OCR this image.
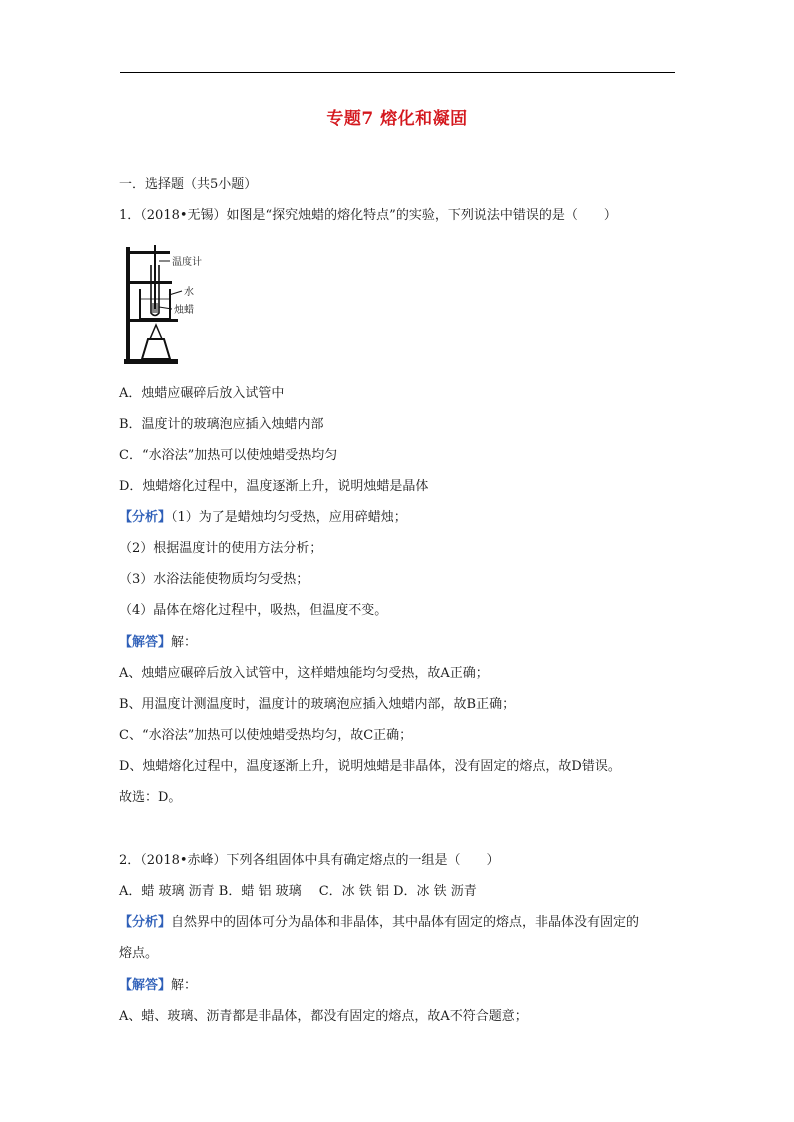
专题7 熔化和凝固
一．选择题（共5小题）
1．（2018•无锡）如图是“探究烛蜡的熔化特点”的实验，下列说法中错误的是（　　）
温度计
水
烛蜡
A．烛蜡应碾碎后放入试管中
B．温度计的玻璃泡应插入烛蜡内部
C．“水浴法”加热可以使烛蜡受热均匀
D．烛蜡熔化过程中，温度逐渐上升，说明烛蜡是晶体
【分析】（1）为了是蜡烛均匀受热，应用碎蜡烛；
（2）根据温度计的使用方法分析；
（3）水浴法能使物质均匀受热；
（4）晶体在熔化过程中，吸热，但温度不变。
【解答】解：
A、烛蜡应碾碎后放入试管中，这样蜡烛能均匀受热，故A正确；
B、用温度计测温度时，温度计的玻璃泡应插入烛蜡内部，故B正确；
C、“水浴法”加热可以使烛蜡受热均匀，故C正确；
D、烛蜡熔化过程中，温度逐渐上升，说明烛蜡是非晶体，没有固定的熔点，故D错误。
故选：D。
2．（2018•赤峰）下列各组固体中具有确定熔点的一组是（　　）
A．蜡 玻璃 沥青 B．蜡 铝 玻璃　 C．冰 铁 铝 D．冰 铁 沥青
【分析】自然界中的固体可分为晶体和非晶体，其中晶体有固定的熔点，非晶体没有固定的
熔点。
【解答】解：
A、蜡、玻璃、沥青都是非晶体，都没有固定的熔点，故A不符合题意；
